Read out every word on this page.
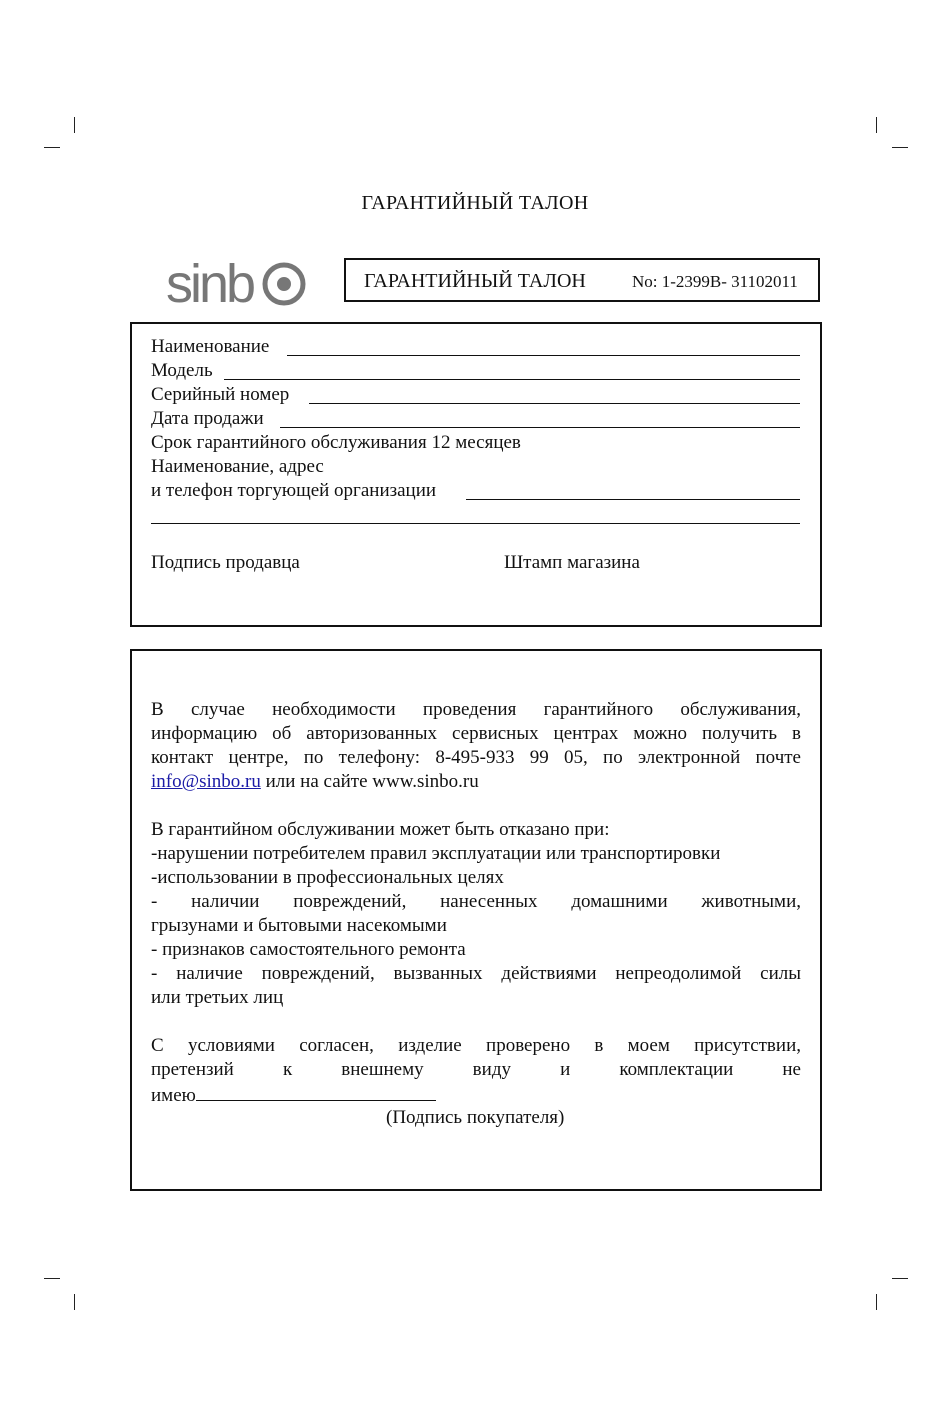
ГАРАНТИЙНЫЙ ТАЛОН
sinb	ГАРАНТИЙНЫЙ ТАЛОН	No: 1-2399B- 31102011
Наименование
Модель
Серийный номер
Дата продажи
Срок гарантийного обслуживания 12 месяцев
Наименование, адрес
и телефон торгующей организации
Подпись продавца	Штамп магазина
В случае необходимости проведения гарантийного обслуживания,
информацию об авторизованных сервисных центрах можно получить в
контакт центре, по телефону: 8-495-933 99 05, по электронной почте
info@sinbo.ru или на сайте www.sinbo.ru
В гарантийном обслуживании может быть отказано при:
-нарушении потребителем правил эксплуатации или транспортировки
-использовании в профессиональных целях
- наличии повреждений, нанесенных домашними животными,
грызунами и бытовыми насекомыми
- признаков самостоятельного ремонта
- наличие повреждений, вызванных действиями непреодолимой силы
или третьих лиц
С условиями согласен, изделие проверено в моем присутствии,
претензий к внешнему виду и комплектации не
имею
(Подпись покупателя)
